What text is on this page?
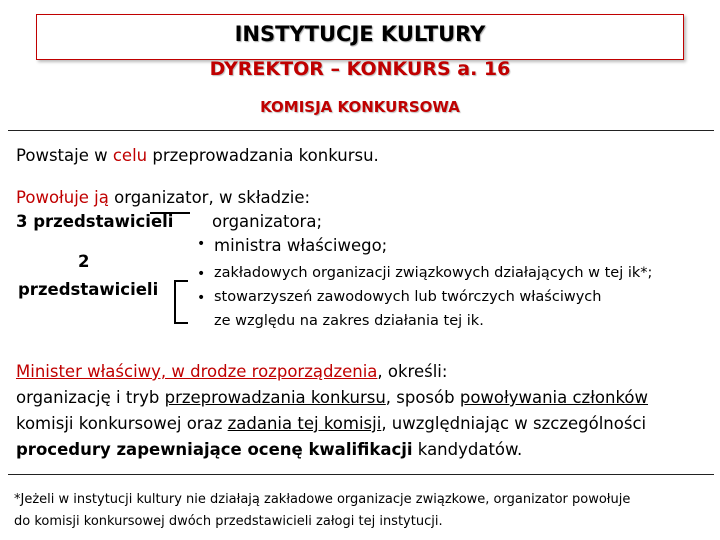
INSTYTUCJE KULTURY
DYREKTOR – KONKURS a. 16
KOMISJA KONKURSOWA
Powstaje w celu przeprowadzania konkursu.
Powołuje ją organizator, w składzie:
3 przedstawicieli organizatora;
• ministra właściwego;
2
przedstawicieli
• zakładowych organizacji związkowych działających w tej ik*;
• stowarzyszeń zawodowych lub twórczych właściwych
ze względu na zakres działania tej ik.
Minister właściwy, w drodze rozporządzenia, określi:
organizację i tryb przeprowadzania konkursu, sposób powoływania członków
komisji konkursowej oraz zadania tej komisji, uwzględniając w szczególności
procedury zapewniające ocenę kwalifikacji kandydatów.
*Jeżeli w instytucji kultury nie działają zakładowe organizacje związkowe, organizator powołuje
do komisji konkursowej dwóch przedstawicieli załogi tej instytucji.
